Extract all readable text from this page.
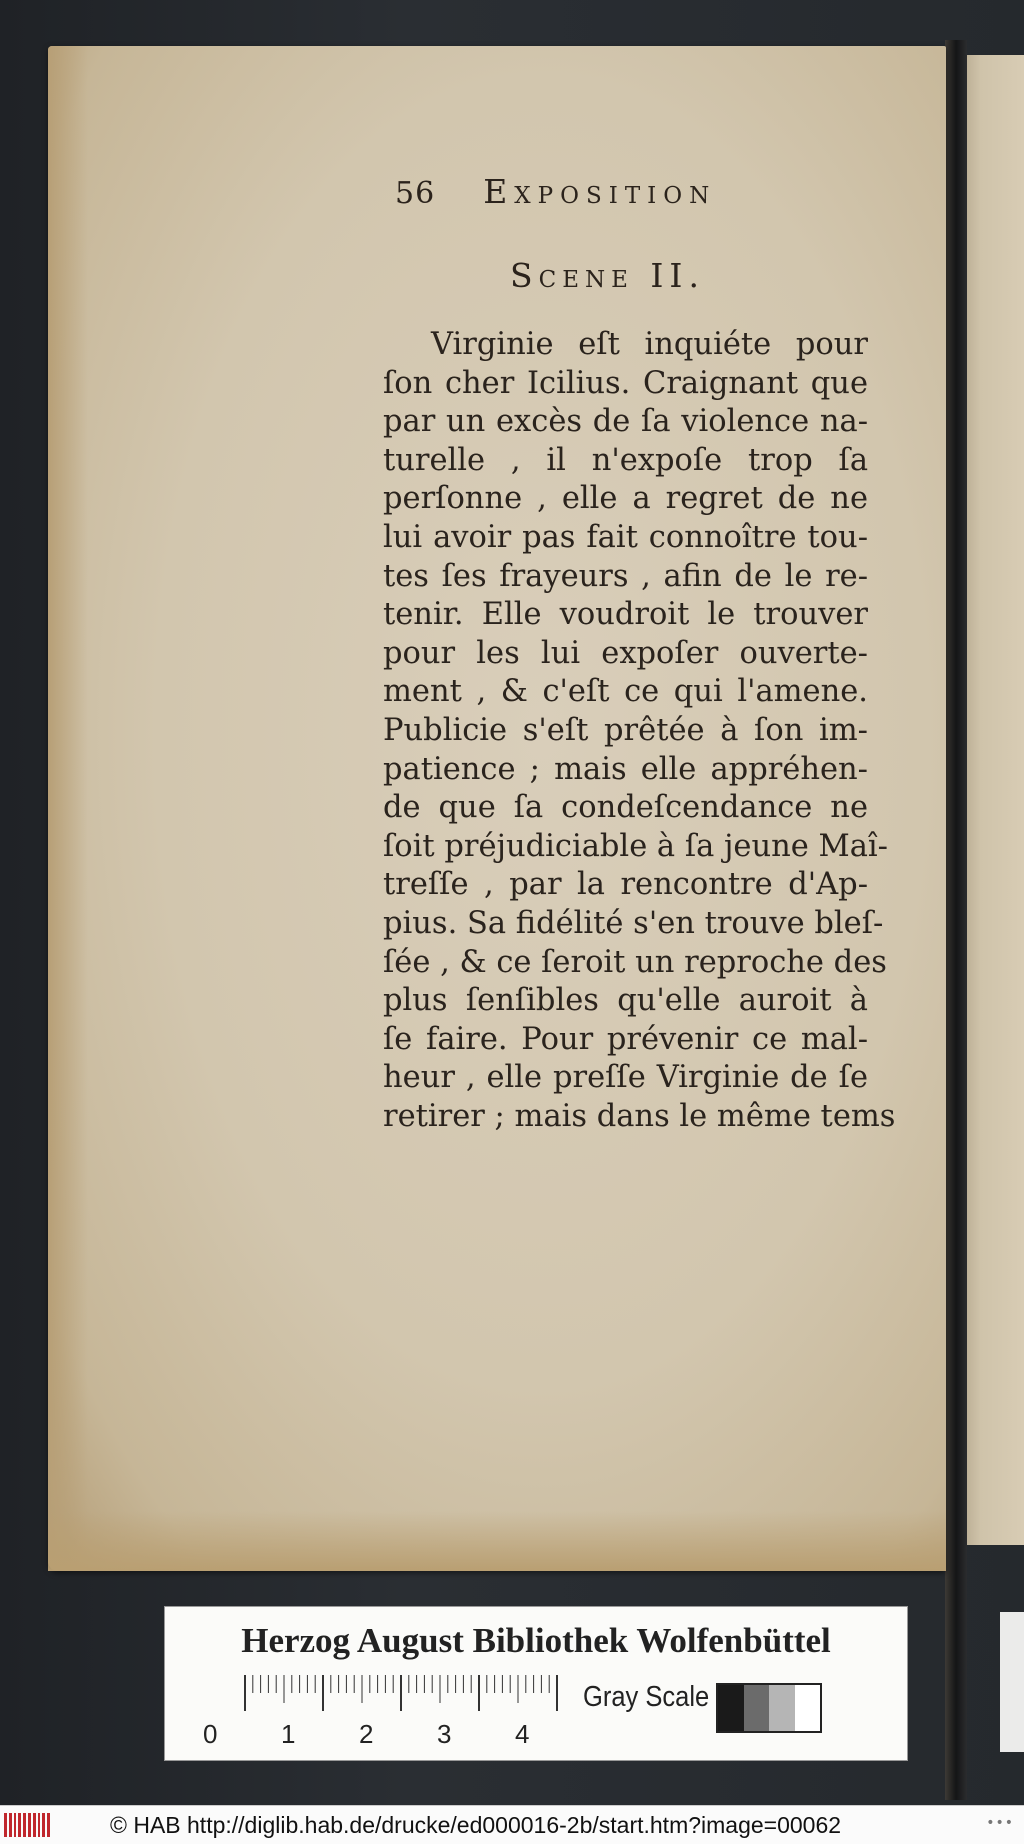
56 Exposition
Scene II.
Virginie eſt inquiéte pour
ſon cher Icilius. Craignant que
par un excès de ſa violence na-
turelle , il n'expoſe trop ſa
perſonne , elle a regret de ne
lui avoir pas fait connoître tou-
tes ſes frayeurs , afin de le re-
tenir. Elle voudroit le trouver
pour les lui expoſer ouverte-
ment , & c'eſt ce qui l'amene.
Publicie s'eſt prêtée à ſon im-
patience ; mais elle appréhen-
de que ſa condeſcendance ne
ſoit préjudiciable à ſa jeune Maî-
treſſe , par la rencontre d'Ap-
pius. Sa fidélité s'en trouve bleſ-
ſée , & ce ſeroit un reproche des
plus ſenſibles qu'elle auroit à
ſe faire. Pour prévenir ce mal-
heur , elle preſſe Virginie de ſe
retirer ; mais dans le même tems
Herzog August Bibliothek Wolfenbüttel
0 1 2 3 4
Gray Scale
© HAB http://diglib.hab.de/drucke/ed000016-2b/start.htm?image=00062	•••
